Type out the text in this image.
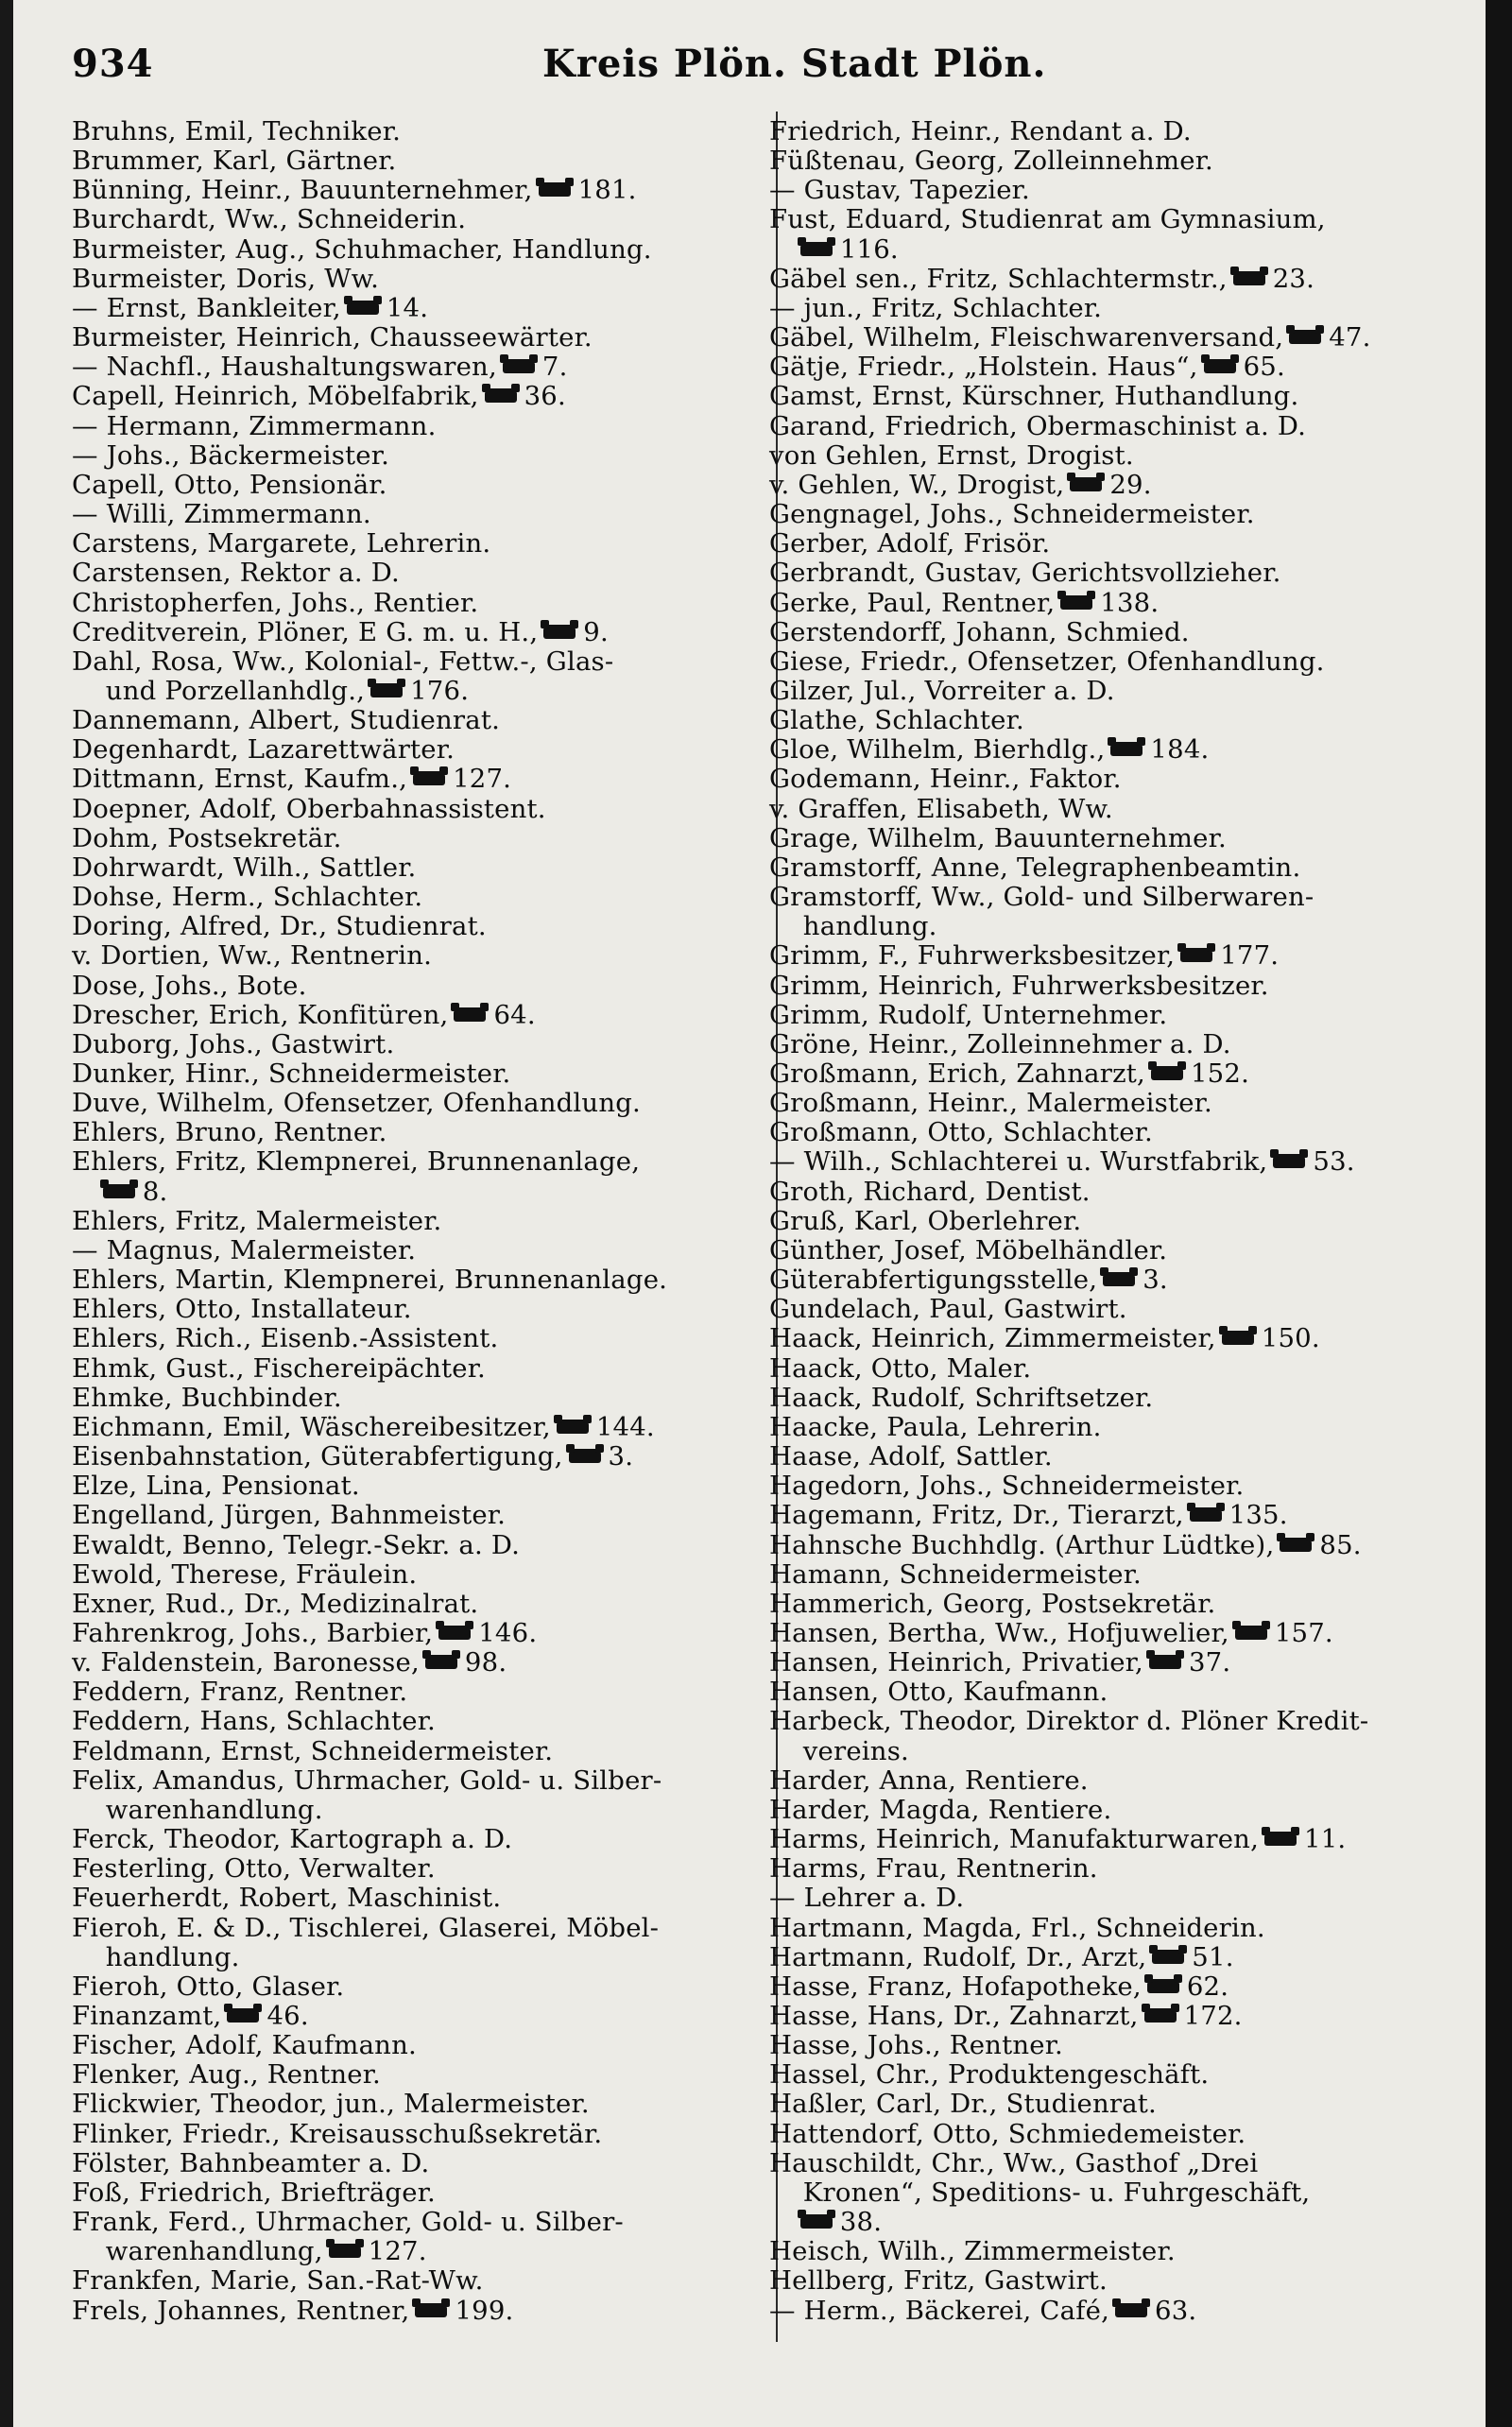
934	Kreis Plön. Stadt Plön.
Bruhns, Emil, Techniker.
Brummer, Karl, Gärtner.
Bünning, Heinr., Bauunternehmer, 181.
Burchardt, Ww., Schneiderin.
Burmeister, Aug., Schuhmacher, Handlung.
Burmeister, Doris, Ww.
— Ernst, Bankleiter, 14.
Burmeister, Heinrich, Chausseewärter.
— Nachfl., Haushaltungswaren, 7.
Capell, Heinrich, Möbelfabrik, 36.
— Hermann, Zimmermann.
— Johs., Bäckermeister.
Capell, Otto, Pensionär.
— Willi, Zimmermann.
Carstens, Margarete, Lehrerin.
Carstensen, Rektor a. D.
Christopherfen, Johs., Rentier.
Creditverein, Plöner, E G. m. u. H., 9.
Dahl, Rosa, Ww., Kolonial-, Fettw.-, Glas-
und Porzellanhdlg., 176.
Dannemann, Albert, Studienrat.
Degenhardt, Lazarettwärter.
Dittmann, Ernst, Kaufm., 127.
Doepner, Adolf, Oberbahnassistent.
Dohm, Postsekretär.
Dohrwardt, Wilh., Sattler.
Dohse, Herm., Schlachter.
Doring, Alfred, Dr., Studienrat.
v. Dortien, Ww., Rentnerin.
Dose, Johs., Bote.
Drescher, Erich, Konfitüren, 64.
Duborg, Johs., Gastwirt.
Dunker, Hinr., Schneidermeister.
Duve, Wilhelm, Ofensetzer, Ofenhandlung.
Ehlers, Bruno, Rentner.
Ehlers, Fritz, Klempnerei, Brunnenanlage,
8.
Ehlers, Fritz, Malermeister.
— Magnus, Malermeister.
Ehlers, Martin, Klempnerei, Brunnenanlage.
Ehlers, Otto, Installateur.
Ehlers, Rich., Eisenb.-Assistent.
Ehmk, Gust., Fischereipächter.
Ehmke, Buchbinder.
Eichmann, Emil, Wäschereibesitzer, 144.
Eisenbahnstation, Güterabfertigung, 3.
Elze, Lina, Pensionat.
Engelland, Jürgen, Bahnmeister.
Ewaldt, Benno, Telegr.-Sekr. a. D.
Ewold, Therese, Fräulein.
Exner, Rud., Dr., Medizinalrat.
Fahrenkrog, Johs., Barbier, 146.
v. Faldenstein, Baronesse, 98.
Feddern, Franz, Rentner.
Feddern, Hans, Schlachter.
Feldmann, Ernst, Schneidermeister.
Felix, Amandus, Uhrmacher, Gold- u. Silber-
warenhandlung.
Ferck, Theodor, Kartograph a. D.
Festerling, Otto, Verwalter.
Feuerherdt, Robert, Maschinist.
Fieroh, E. & D., Tischlerei, Glaserei, Möbel-
handlung.
Fieroh, Otto, Glaser.
Finanzamt, 46.
Fischer, Adolf, Kaufmann.
Flenker, Aug., Rentner.
Flickwier, Theodor, jun., Malermeister.
Flinker, Friedr., Kreisausschußsekretär.
Fölster, Bahnbeamter a. D.
Foß, Friedrich, Briefträger.
Frank, Ferd., Uhrmacher, Gold- u. Silber-
warenhandlung, 127.
Frankfen, Marie, San.-Rat-Ww.
Frels, Johannes, Rentner, 199.
Friedrich, Heinr., Rendant a. D.
Füßtenau, Georg, Zolleinnehmer.
— Gustav, Tapezier.
Fust, Eduard, Studienrat am Gymnasium,
116.
Gäbel sen., Fritz, Schlachtermstr., 23.
— jun., Fritz, Schlachter.
Gäbel, Wilhelm, Fleischwarenversand, 47.
Gätje, Friedr., „Holstein. Haus“, 65.
Gamst, Ernst, Kürschner, Huthandlung.
Garand, Friedrich, Obermaschinist a. D.
von Gehlen, Ernst, Drogist.
v. Gehlen, W., Drogist, 29.
Gengnagel, Johs., Schneidermeister.
Gerber, Adolf, Frisör.
Gerbrandt, Gustav, Gerichtsvollzieher.
Gerke, Paul, Rentner, 138.
Gerstendorff, Johann, Schmied.
Giese, Friedr., Ofensetzer, Ofenhandlung.
Gilzer, Jul., Vorreiter a. D.
Glathe, Schlachter.
Gloe, Wilhelm, Bierhdlg., 184.
Godemann, Heinr., Faktor.
v. Graffen, Elisabeth, Ww.
Grage, Wilhelm, Bauunternehmer.
Gramstorff, Anne, Telegraphenbeamtin.
Gramstorff, Ww., Gold- und Silberwaren-
handlung.
Grimm, F., Fuhrwerksbesitzer, 177.
Grimm, Heinrich, Fuhrwerksbesitzer.
Grimm, Rudolf, Unternehmer.
Gröne, Heinr., Zolleinnehmer a. D.
Großmann, Erich, Zahnarzt, 152.
Großmann, Heinr., Malermeister.
Großmann, Otto, Schlachter.
— Wilh., Schlachterei u. Wurstfabrik, 53.
Groth, Richard, Dentist.
Gruß, Karl, Oberlehrer.
Günther, Josef, Möbelhändler.
Güterabfertigungsstelle, 3.
Gundelach, Paul, Gastwirt.
Haack, Heinrich, Zimmermeister, 150.
Haack, Otto, Maler.
Haack, Rudolf, Schriftsetzer.
Haacke, Paula, Lehrerin.
Haase, Adolf, Sattler.
Hagedorn, Johs., Schneidermeister.
Hagemann, Fritz, Dr., Tierarzt, 135.
Hahnsche Buchhdlg. (Arthur Lüdtke), 85.
Hamann, Schneidermeister.
Hammerich, Georg, Postsekretär.
Hansen, Bertha, Ww., Hofjuwelier, 157.
Hansen, Heinrich, Privatier, 37.
Hansen, Otto, Kaufmann.
Harbeck, Theodor, Direktor d. Plöner Kredit-
vereins.
Harder, Anna, Rentiere.
Harder, Magda, Rentiere.
Harms, Heinrich, Manufakturwaren, 11.
Harms, Frau, Rentnerin.
— Lehrer a. D.
Hartmann, Magda, Frl., Schneiderin.
Hartmann, Rudolf, Dr., Arzt, 51.
Hasse, Franz, Hofapotheke, 62.
Hasse, Hans, Dr., Zahnarzt, 172.
Hasse, Johs., Rentner.
Hassel, Chr., Produktengeschäft.
Haßler, Carl, Dr., Studienrat.
Hattendorf, Otto, Schmiedemeister.
Hauschildt, Chr., Ww., Gasthof „Drei
Kronen“, Speditions- u. Fuhrgeschäft,
38.
Heisch, Wilh., Zimmermeister.
Hellberg, Fritz, Gastwirt.
— Herm., Bäckerei, Café, 63.
